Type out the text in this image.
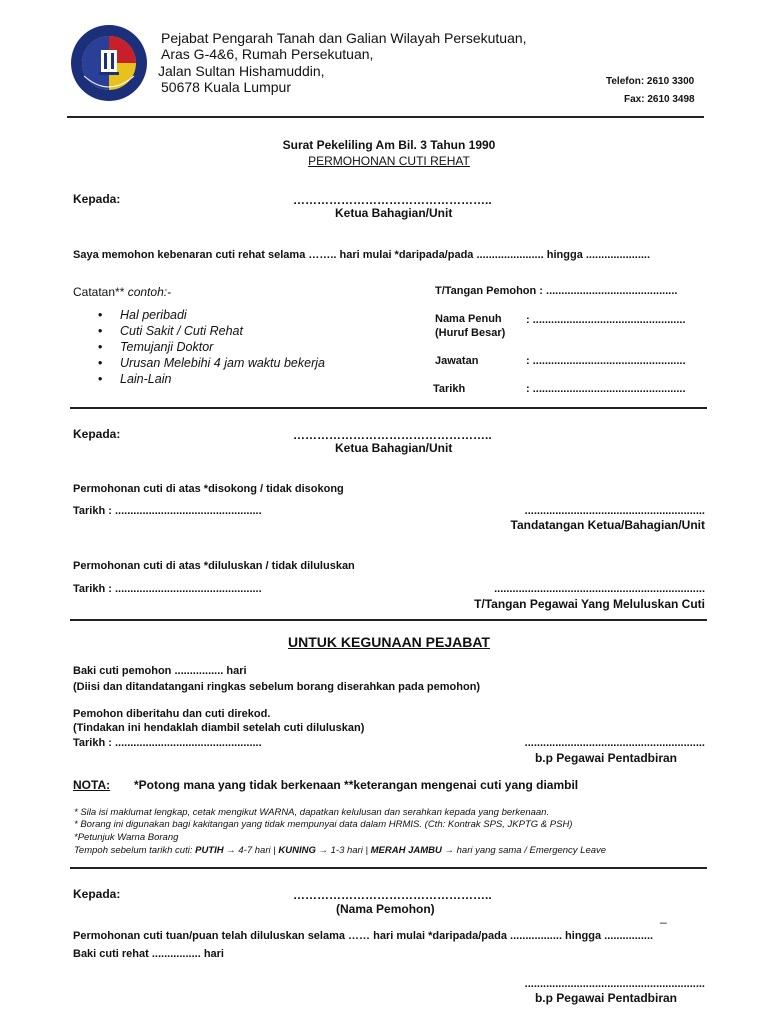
Pejabat Pengarah Tanah dan Galian Wilayah Persekutuan,
Aras G-4&6, Rumah Persekutuan,
Jalan Sultan Hishamuddin,
50678 Kuala Lumpur	Telefon: 2610 3300
Fax: 2610 3498
Surat Pekeliling Am Bil. 3 Tahun 1990
PERMOHONAN CUTI REHAT
Kepada:	…………………………………………..
Ketua Bahagian/Unit
Saya memohon kebenaran cuti rehat selama …….. hari mulai *daripada/pada ...................... hingga .....................
Catatan** contoh:-
• Hal peribadi
• Cuti Sakit / Cuti Rehat
• Temujanji Doktor
• Urusan Melebihi 4 jam waktu bekerja
• Lain-Lain
T/Tangan Pemohon : ...........................................
Nama Penuh
(Huruf Besar)
: ..................................................
Jawatan	: ..................................................
Tarikh	: ..................................................
Kepada:	…………………………………………..
Ketua Bahagian/Unit
Permohonan cuti di atas *disokong / tidak disokong
Tarikh : ................................................	...........................................................
Tandatangan Ketua/Bahagian/Unit
Permohonan cuti di atas *diluluskan / tidak diluluskan
Tarikh : ................................................	.....................................................................
T/Tangan Pegawai Yang Meluluskan Cuti
UNTUK KEGUNAAN PEJABAT
Baki cuti pemohon ................ hari
(Diisi dan ditandatangani ringkas sebelum borang diserahkan pada pemohon)
Pemohon diberitahu dan cuti direkod.
(Tindakan ini hendaklah diambil setelah cuti diluluskan)
Tarikh : ................................................	...........................................................
b.p Pegawai Pentadbiran
NOTA: *Potong mana yang tidak berkenaan **keterangan mengenai cuti yang diambil
* Sila isi maklumat lengkap, cetak mengikut WARNA, dapatkan kelulusan dan serahkan kepada yang berkenaan.
* Borang ini digunakan bagi kakitangan yang tidak mempunyai data dalam HRMIS. (Cth: Kontrak SPS, JKPTG & PSH)
*Petunjuk Warna Borang
Tempoh sebelum tarikh cuti: PUTIH → 4-7 hari | KUNING → 1-3 hari | MERAH JAMBU → hari yang sama / Emergency Leave
Kepada:	…………………………………………..
(Nama Pemohon)
_
Permohonan cuti tuan/puan telah diluluskan selama …… hari mulai *daripada/pada ................. hingga ................
Baki cuti rehat ................ hari
...........................................................
b.p Pegawai Pentadbiran
